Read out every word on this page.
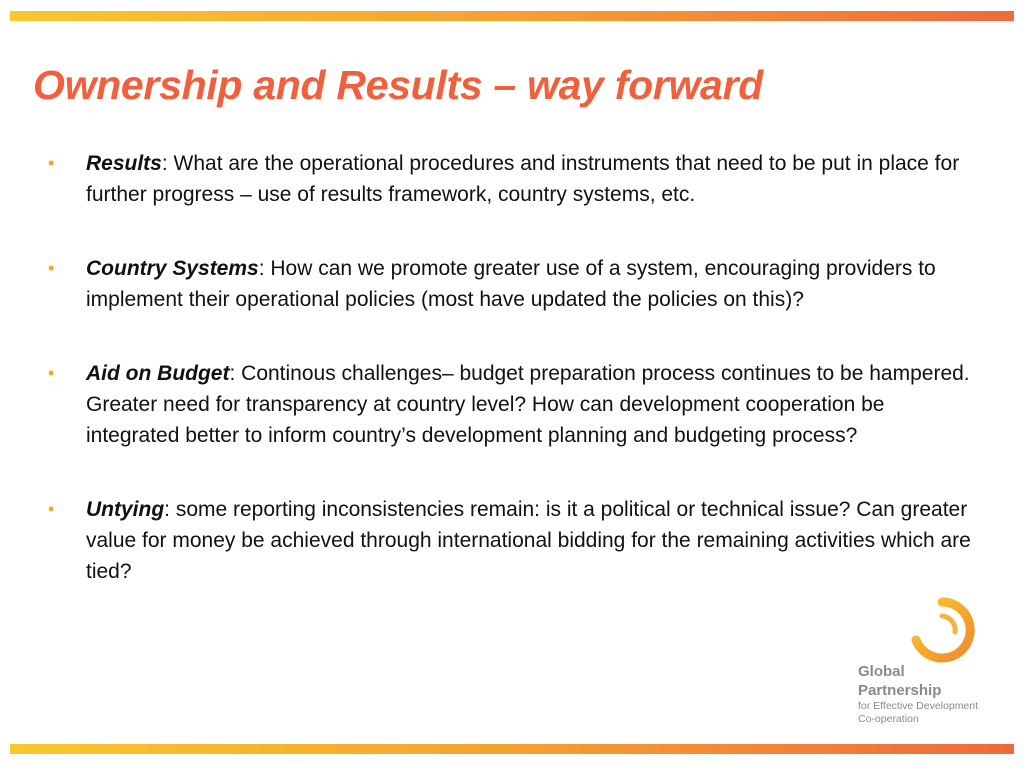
Ownership and Results – way forward
• Results: What are the operational procedures and instruments that need to be put in place for further progress – use of results framework, country systems, etc.
• Country Systems: How can we promote greater use of a system, encouraging providers to implement their operational policies (most have updated the policies on this)?
• Aid on Budget: Continous challenges– budget preparation process continues to be hampered. Greater need for transparency at country level? How can development cooperation be integrated better to inform country’s development planning and budgeting process?
• Untying: some reporting inconsistencies remain: is it a political or technical issue? Can greater value for money be achieved through international bidding for the remaining activities which are tied?
Global
Partnership
for Effective Development
Co-operation
